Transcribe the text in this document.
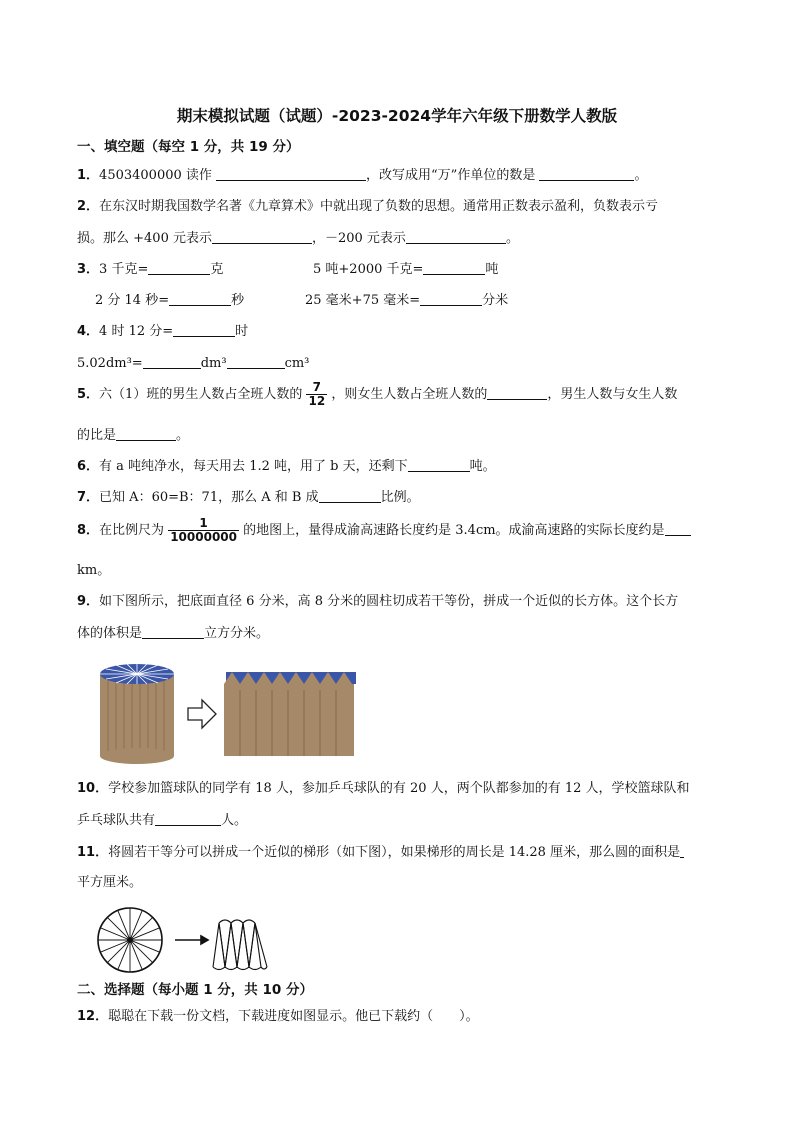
期末模拟试题（试题）-2023-2024学年六年级下册数学人教版
一、填空题（每空 1 分，共 19 分）
1．4503400000 读作	，改写成用“万”作单位的数是	。
2．在东汉时期我国数学名著《九章算术》中就出现了负数的思想。通常用正数表示盈利，负数表示亏
损。那么 +400 元表示	，－200 元表示	。
3．3 千克=	克	5 吨+2000 千克=	吨
2 分 14 秒=	秒	25 毫米+75 毫米=	分米
4．4 时 12 分=	时
5.02dm³=	dm³	cm³
5．六（1）班的男生人数占全班人数的 $\frac{7}{12}$ ，则女生人数占全班人数的	，男生人数与女生人数
的比是	。
6．有 a 吨纯净水，每天用去 1.2 吨，用了 b 天，还剩下	吨。
7．已知 A：60=B：71，那么 A 和 B 成	比例。
8．在比例尺为 $\frac{1}{10000000}$ 的地图上，量得成渝高速路长度约是 3.4cm。成渝高速路的实际长度约是
km。
9．如下图所示，把底面直径 6 分米，高 8 分米的圆柱切成若干等份，拼成一个近似的长方体。这个长方
体的体积是	立方分米。
10．学校参加篮球队的同学有 18 人，参加乒乓球队的有 20 人，两个队都参加的有 12 人，学校篮球队和
乒乓球队共有	人。
11．将圆若干等分可以拼成一个近似的梯形（如下图），如果梯形的周长是 14.28 厘米，那么圆的面积是
平方厘米。
二、选择题（每小题 1 分，共 10 分）
12．聪聪在下载一份文档，下载进度如图显示。他已下载约（　　）。
